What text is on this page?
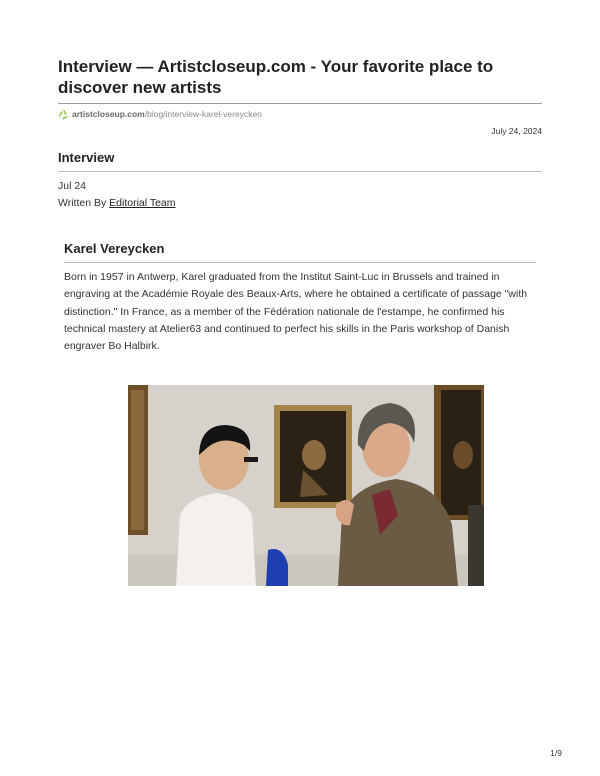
Interview — Artistcloseup.com - Your favorite place to discover new artists
artistcloseup.com /blog/interview-karel-vereycken
July 24, 2024
Interview
Jul 24
Written By Editorial Team
Karel Vereycken
Born in 1957 in Antwerp, Karel graduated from the Institut Saint-Luc in Brussels and trained in engraving at the Académie Royale des Beaux-Arts, where he obtained a certificate of passage "with distinction." In France, as a member of the Fédération nationale de l'estampe, he confirmed his technical mastery at Atelier63 and continued to perfect his skills in the Paris workshop of Danish engraver Bo Halbirk.
1/9
